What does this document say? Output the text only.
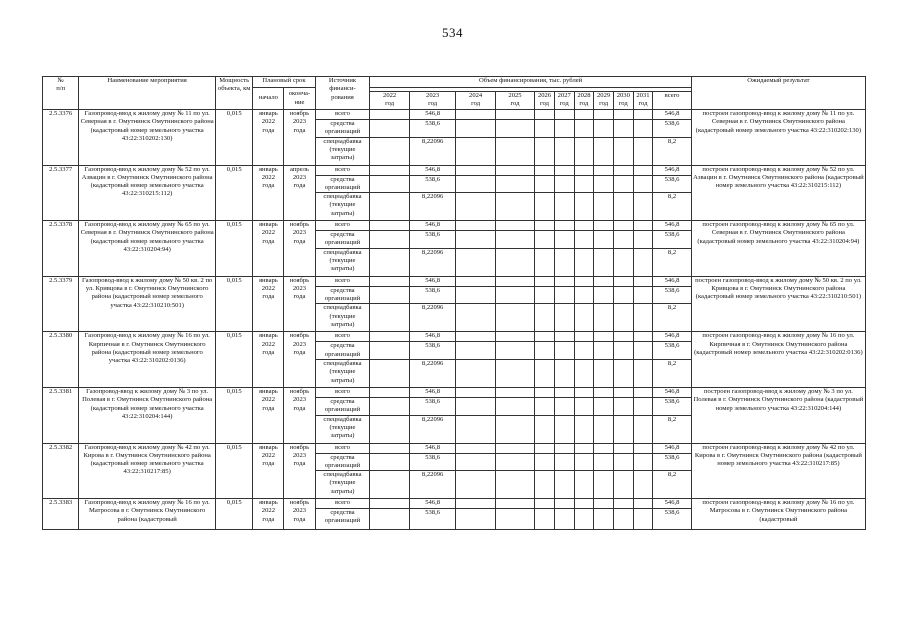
534
№
п/п	Наименование мероприятия	Мощность
объекта, км	Плановый срок		Источник
финанси-
рования	Объем финансирования, тыс. рублей											Ожидаемый результат
			начало	оконча-
ние													
						2022
год	2023
год	2024
год	2025
год	2026
год	2027
год	2028
год	2029
год	2030
год	2031
год	всего	
2.5.3376	Газопровод-ввод к жилому дому № 11 по ул. Северная в г. Омутнинск Омутнинского района (кадастровый номер земельного участка 43:22:310202:130)	0,015	январь
2022
года	ноябрь
2023
года	всего		546,8									546,8	построен газопровод-ввод к жилому дому № 11 по ул. Северная в г. Омутнинск Омутнинского района (кадастровый номер земельного участка 43:22:310202:130)
					средства
организаций		538,6									538,6	
					спецнадбавка
(текущие
затраты)		8,22096									8,2	
2.5.3377	Газопровод-ввод к жилому дому № 52 по ул. Азвацин в г. Омутнинск Омутнинского района (кадастровый номер земельного участка 43:22:310215:112)	0,015	январь
2022
года	апрель
2023
года	всего		546,8									546,8	построен газопровод-ввод к жилому дому № 52 по ул. Азвацин в г. Омутнинск Омутнинского района (кадастровый номер земельного участка 43:22:310215:112)
					средства
организаций		538,6									538,6	
					спецнадбавка
(текущие
затраты)		8,22096									8,2	
2.5.3378	Газопровод-ввод к жилому дому № 65 по ул. Северная в г. Омутнинск Омутнинского района (кадастровый номер земельного участка 43:22:310204:94)	0,015	январь
2022
года	ноябрь
2023
года	всего		546,8									546,8	построен газопровод-ввод к жилому дому № 65 по ул. Северная в г. Омутнинск Омутнинского района (кадастровый номер земельного участка 43:22:310204:94)
					средства
организаций		538,6									538,6	
					спецнадбавка
(текущие
затраты)		8,22096									8,2	
2.5.3379	Газопровод-ввод к жилому дому № 50 кв. 2 по ул. Кривцова в г. Омутнинск Омутнинского района (кадастровый номер земельного участка 43:22:310210:501)	0,015	январь
2022
года	ноябрь
2023
года	всего		546,8									546,8	построен газопровод-ввод к жилому дому № 50 кв. 2 по ул. Кривцова в г. Омутнинск Омутнинского района (кадастровый номер земельного участка 43:22:310210:501)
					средства
организаций		538,6									538,6	
					спецнадбавка
(текущие
затраты)		8,22096									8,2	
2.5.3380	Газопровод-ввод к жилому дому № 16 по ул. Кирпичная в г. Омутнинск Омутнинского района (кадастровый номер земельного участка 43:22:310202:0136)	0,015	январь
2022
года	ноябрь
2023
года	всего		546,8									546,8	построен газопровод-ввод к жилому дому № 16 по ул. Кирпичная в г. Омутнинск Омутнинского района (кадастровый номер земельного участка 43:22:310202:0136)
					средства
организаций		538,6									538,6	
					спецнадбавка
(текущие
затраты)		8,22096									8,2	
2.5.3381	Газопровод-ввод к жилому дому № 3 по ул. Полевая в г. Омутнинск Омутнинского района (кадастровый номер земельного участка 43:22:310204:144)	0,015	январь
2022
года	ноябрь
2023
года	всего		546,8									546,8	построен газопровод-ввод к жилому дому № 3 по ул. Полевая в г. Омутнинск Омутнинского района (кадастровый номер земельного участка 43:22:310204:144)
					средства
организаций		538,6									538,6	
					спецнадбавка
(текущие
затраты)		8,22096									8,2	
2.5.3382	Газопровод-ввод к жилому дому № 42 по ул. Кирова в г. Омутнинск Омутнинского района (кадастровый номер земельного участка 43:22:310217:85)	0,015	январь
2022
года	ноябрь
2023
года	всего		546,8									546,8	построен газопровод-ввод к жилому дому № 42 по ул. Кирова в г. Омутнинск Омутнинского района (кадастровый номер земельного участка 43:22:310217:85)
					средства
организаций		538,6									538,6	
					спецнадбавка
(текущие
затраты)		8,22096									8,2	
2.5.3383	Газопровод-ввод к жилому дому № 16 по ул. Матросова в г. Омутнинск Омутнинского района (кадастровый	0,015	январь
2022
года	ноябрь
2023
года	всего		546,8									546,8	построен газопровод-ввод к жилому дому № 16 по ул. Матросова в г. Омутнинск Омутнинского района (кадастровый
					средства
организаций		538,6									538,6	
